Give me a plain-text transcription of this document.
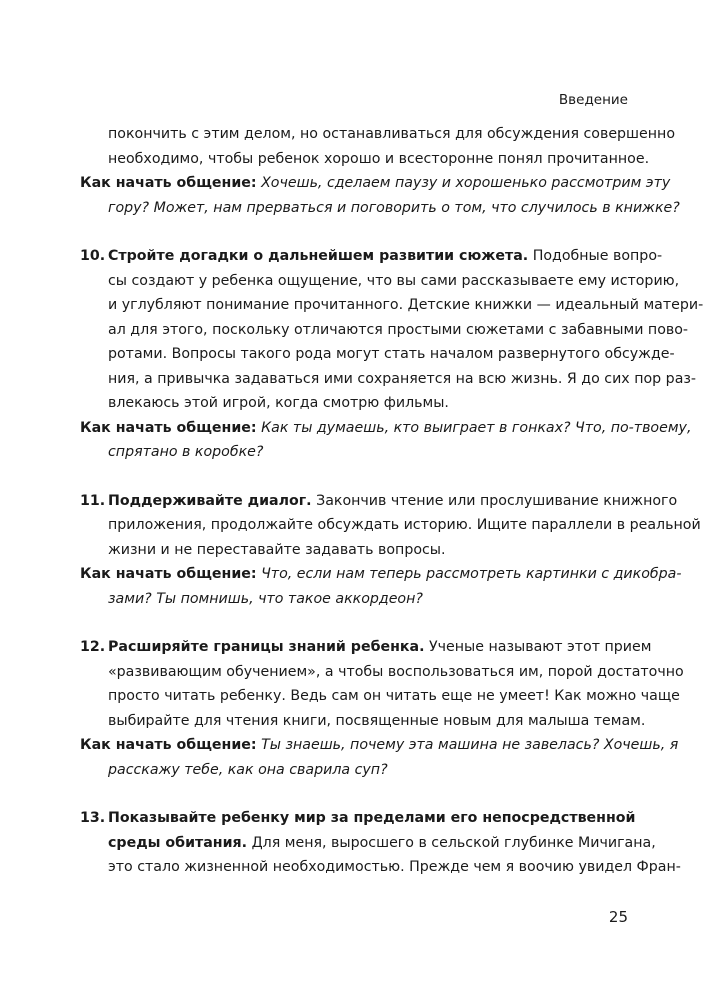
Введение
покончить с этим делом, но останавливаться для обсуждения совершенно
необходимо, чтобы ребенок хорошо и всесторонне понял прочитанное.
Как начать общение: Хочешь, сделаем паузу и хорошенько рассмотрим эту
гору? Может, нам прерваться и поговорить о том, что случилось в книжке?
10. Стройте догадки о дальнейшем развитии сюжета. Подобные вопро-
сы создают у ребенка ощущение, что вы сами рассказываете ему историю,
и углубляют понимание прочитанного. Детские книжки — идеальный матери-
ал для этого, поскольку отличаются простыми сюжетами с забавными пово-
ротами. Вопросы такого рода могут стать началом развернутого обсужде-
ния, а привычка задаваться ими сохраняется на всю жизнь. Я до сих пор раз-
влекаюсь этой игрой, когда смотрю фильмы.
Как начать общение: Как ты думаешь, кто выиграет в гонках? Что, по-твоему,
спрятано в коробке?
11. Поддерживайте диалог. Закончив чтение или прослушивание книжного
приложения, продолжайте обсуждать историю. Ищите параллели в реальной
жизни и не переставайте задавать вопросы.
Как начать общение: Что, если нам теперь рассмотреть картинки с дикобра-
зами? Ты помнишь, что такое аккордеон?
12. Расширяйте границы знаний ребенка. Ученые называют этот прием
«развивающим обучением», а чтобы воспользоваться им, порой достаточно
просто читать ребенку. Ведь сам он читать еще не умеет! Как можно чаще
выбирайте для чтения книги, посвященные новым для малыша темам.
Как начать общение: Ты знаешь, почему эта машина не завелась? Хочешь, я
расскажу тебе, как она сварила суп?
13. Показывайте ребенку мир за пределами его непосредственной
среды обитания. Для меня, выросшего в сельской глубинке Мичигана,
это стало жизненной необходимостью. Прежде чем я воочию увидел Фран-
25
